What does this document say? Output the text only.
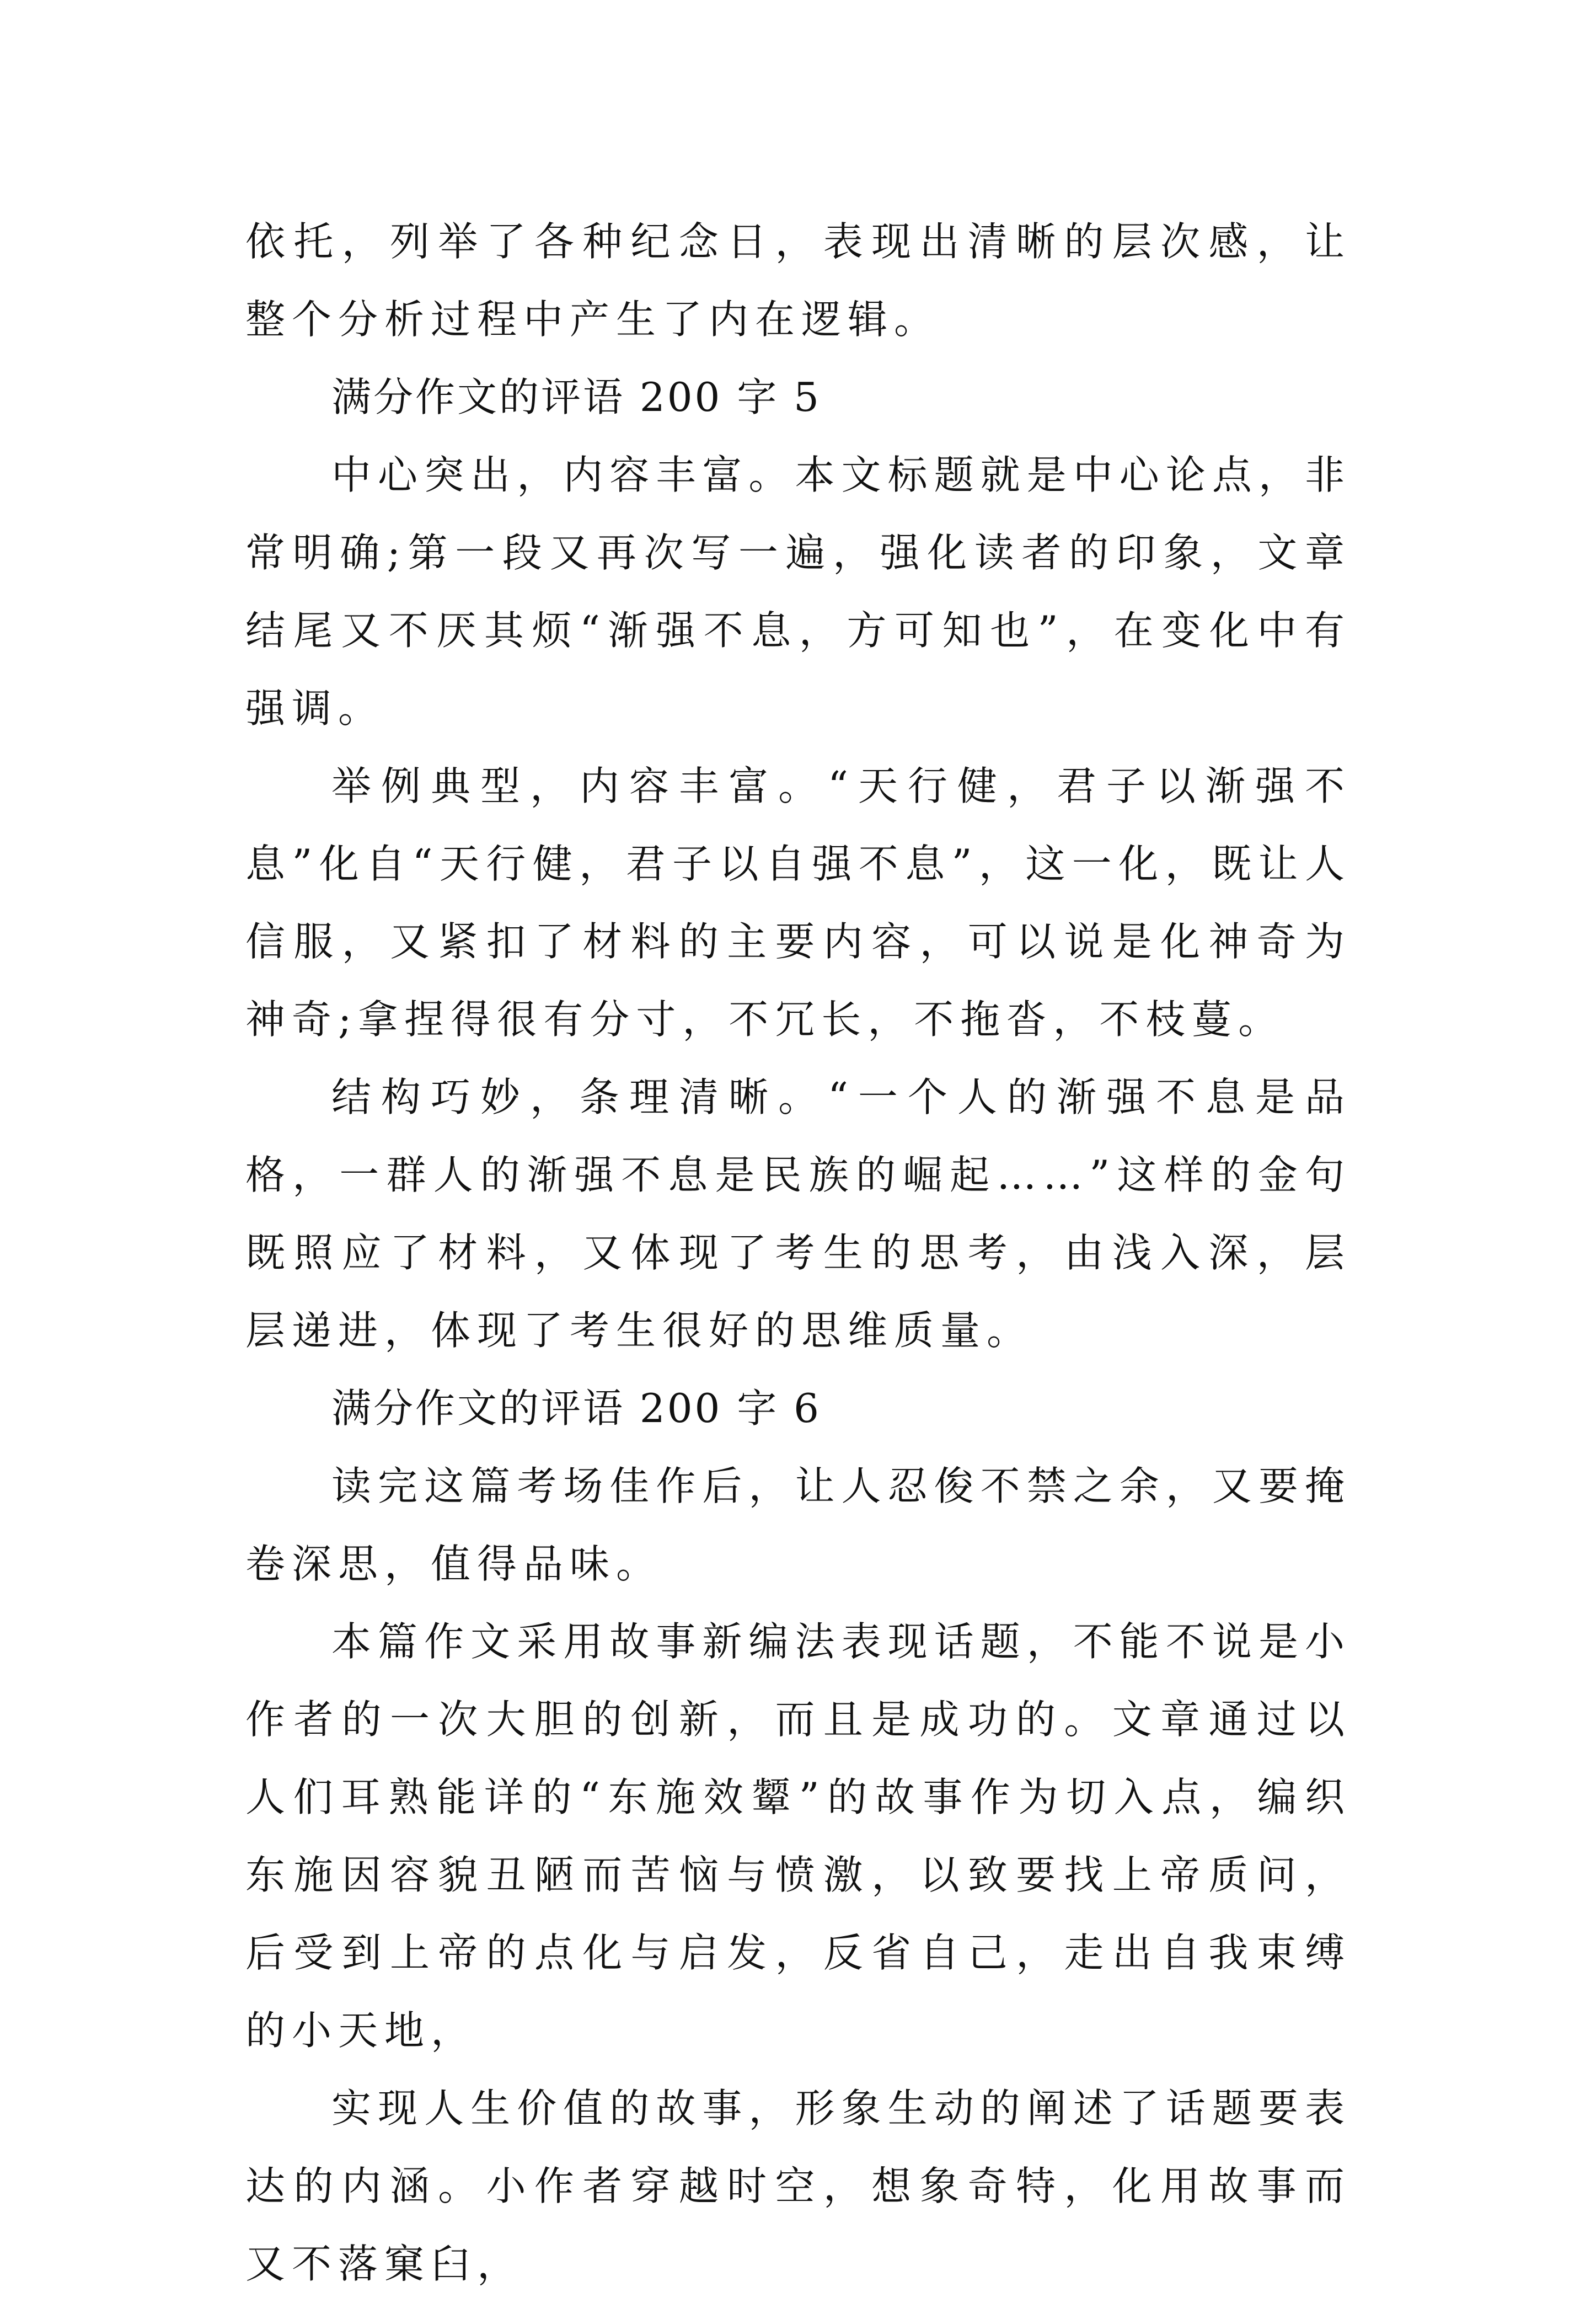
依托，列举了各种纪念日，表现出清晰的层次感，让整个分析过程中产生了内在逻辑。

满分作文的评语 200 字 5

中心突出，内容丰富。本文标题就是中心论点，非常明确;第一段又再次写一遍，强化读者的印象，文章结尾又不厌其烦“渐强不息，方可知也”，在变化中有强调。

举例典型，内容丰富。“天行健，君子以渐强不息”化自“天行健，君子以自强不息”，这一化，既让人信服，又紧扣了材料的主要内容，可以说是化神奇为神奇;拿捏得很有分寸，不冗长，不拖沓，不枝蔓。

结构巧妙，条理清晰。“一个人的渐强不息是品格，一群人的渐强不息是民族的崛起……”这样的金句既照应了材料，又体现了考生的思考，由浅入深，层层递进，体现了考生很好的思维质量。

满分作文的评语 200 字 6

读完这篇考场佳作后，让人忍俊不禁之余，又要掩卷深思，值得品味。

本篇作文采用故事新编法表现话题，不能不说是小作者的一次大胆的创新，而且是成功的。文章通过以人们耳熟能详的“东施效颦”的故事作为切入点，编织东施因容貌丑陋而苦恼与愤激，以致要找上帝质问，后受到上帝的点化与启发，反省自己，走出自我束缚的小天地，

实现人生价值的故事，形象生动的阐述了话题要表达的内涵。小作者穿越时空，想象奇特，化用故事而又不落窠臼，
